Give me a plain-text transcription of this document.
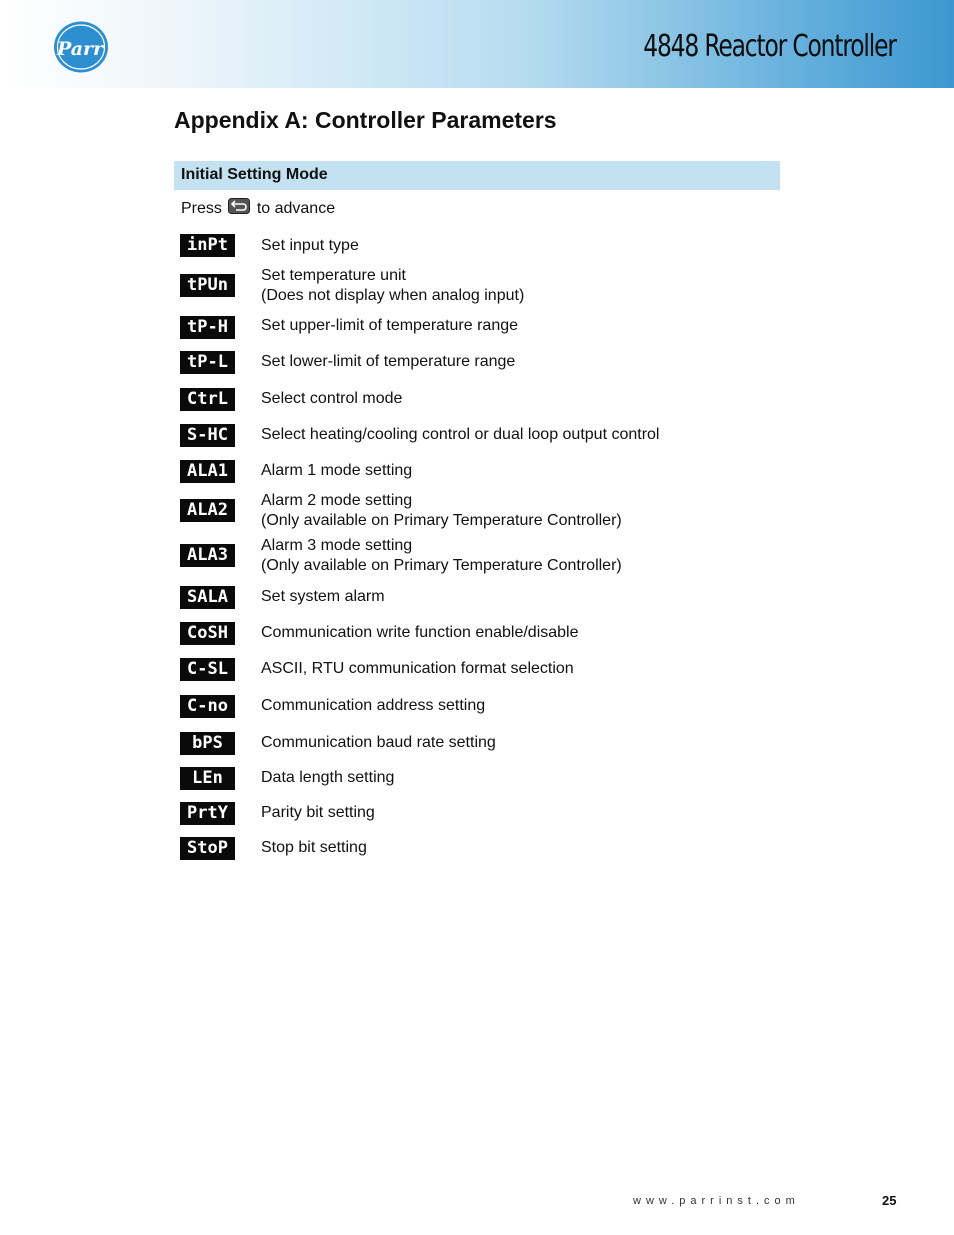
Parr	4848 Reactor Controller
Appendix A: Controller Parameters
Initial Setting Mode
Press to advance
inPt	Set input type
tPUn	Set temperature unit
(Does not display when analog input)
tP-H	Set upper-limit of temperature range
tP-L	Set lower-limit of temperature range
CtrL	Select control mode
S-HC	Select heating/cooling control or dual loop output control
ALA1	Alarm 1 mode setting
ALA2	Alarm 2 mode setting
(Only available on Primary Temperature Controller)
ALA3	Alarm 3 mode setting
(Only available on Primary Temperature Controller)
SALA	Set system alarm
CoSH	Communication write function enable/disable
C-SL	ASCII, RTU communication format selection
C-no	Communication address setting
bPS	Communication baud rate setting
LEn	Data length setting
PrtY	Parity bit setting
StoP	Stop bit setting
www.parrinst.com	25
